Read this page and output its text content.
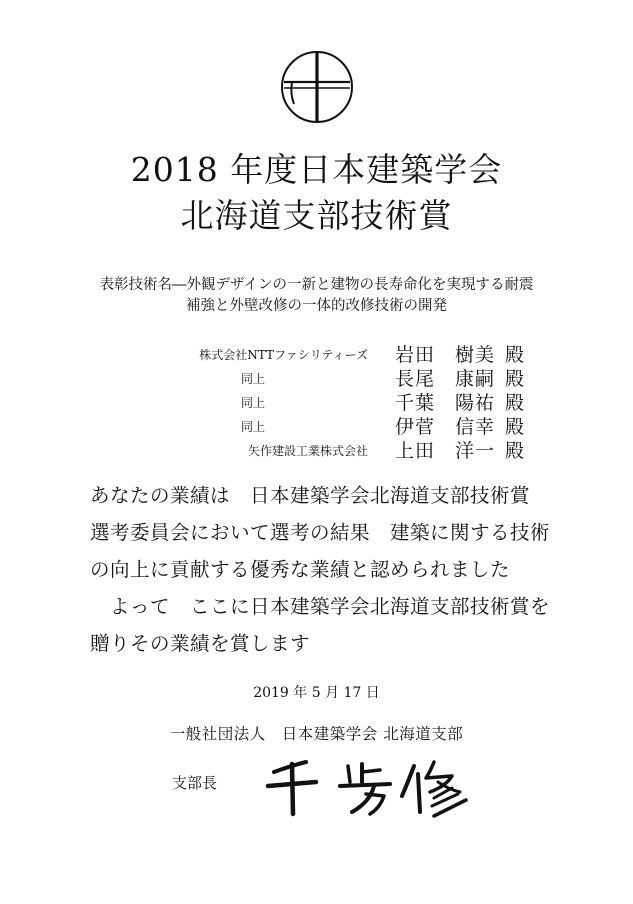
2018 年度日本建築学会
北海道支部技術賞
表彰技術名―外観デザインの一新と建物の長寿命化を実現する耐震
補強と外壁改修の一体的改修技術の開発
株式会社NTTファシリティーズ 岩田　樹美 殿
同上	長尾　康嗣 殿
同上	千葉　陽祐 殿
同上	伊菅　信幸 殿
矢作建設工業株式会社 上田　洋一 殿
あなたの業績は　日本建築学会北海道支部技術賞
選考委員会において選考の結果　建築に関する技術
の向上に貢献する優秀な業績と認められました
　よって　ここに日本建築学会北海道支部技術賞を
贈りその業績を賞します
2019 年 5 月 17 日
一般社団法人　日本建築学会 北海道支部
支部長
